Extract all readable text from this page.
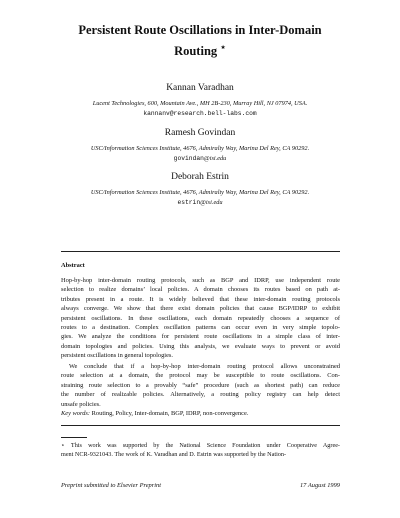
Persistent Route Oscillations in Inter-Domain
Routing ⋆
Kannan Varadhan
Lucent Technologies, 600, Mountain Ave., MH 2B-230, Murray Hill, NJ 07974, USA.
kannanv@research.bell-labs.com
Ramesh Govindan
USC/Information Sciences Institute, 4676, Admiralty Way, Marina Del Rey, CA 90292.
govindan@isi.edu
Deborah Estrin
USC/Information Sciences Institute, 4676, Admiralty Way, Marina Del Rey, CA 90292.
estrin@isi.edu
Abstract
Hop-by-hop inter-domain routing protocols, such as BGP and IDRP, use independent route
selection to realize domains’ local policies. A domain chooses its routes based on path at-
tributes present in a route. It is widely believed that these inter-domain routing protocols
always converge. We show that there exist domain policies that cause BGP/IDRP to exhibit
persistent oscillations. In these oscillations, each domain repeatedly chooses a sequence of
routes to a destination. Complex oscillation patterns can occur even in very simple topolo-
gies. We analyze the conditions for persistent route oscillations in a simple class of inter-
domain topologies and policies. Using this analysis, we evaluate ways to prevent or avoid
persistent oscillations in general topologies.
We conclude that if a hop-by-hop inter-domain routing protocol allows unconstrained
route selection at a domain, the protocol may be susceptible to route oscillations. Con-
straining route selection to a provably “safe” procedure (such as shortest path) can reduce
the number of realizable policies. Alternatively, a routing policy registry can help detect
unsafe policies.
Key words: Routing, Policy, Inter-domain, BGP, IDRP, non-convergence.
⋆ This work was supported by the National Science Foundation under Cooperative Agree-
ment NCR-9321043. The work of K. Varadhan and D. Estrin was supported by the Nation-
Preprint submitted to Elsevier Preprint	17 August 1999
